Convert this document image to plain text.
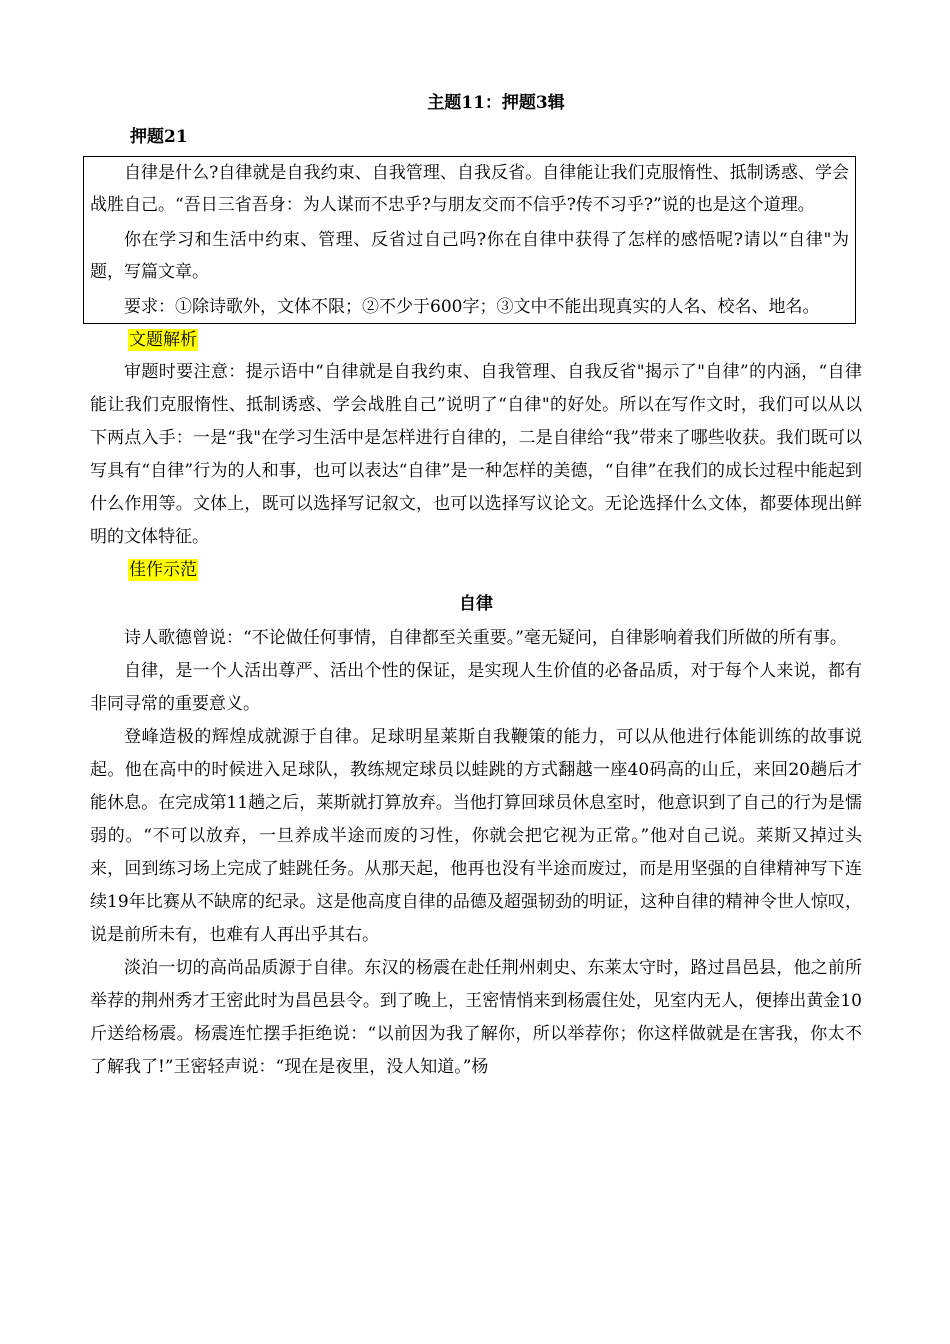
主题11：押题3辑
押题21

自律是什么?自律就是自我约束、自我管理、自我反省。自律能让我们克服惰性、抵制诱惑、学会战胜自己。“吾日三省吾身：为人谋而不忠乎?与朋友交而不信乎?传不习乎?”说的也是这个道理。

你在学习和生活中约束、管理、反省过自己吗?你在自律中获得了怎样的感悟呢?请以“自律"为题，写篇文章。

要求：①除诗歌外，文体不限；②不少于600字；③文中不能出现真实的人名、校名、地名。

文题解析

审题时要注意：提示语中“自律就是自我约束、自我管理、自我反省"揭示了"自律”的内涵，“自律能让我们克服惰性、抵制诱惑、学会战胜自己”说明了“自律"的好处。所以在写作文时，我们可以从以下两点入手：一是“我"在学习生活中是怎样进行自律的，二是自律给“我”带来了哪些收获。我们既可以写具有“自律”行为的人和事，也可以表达“自律”是一种怎样的美德，“自律”在我们的成长过程中能起到什么作用等。文体上，既可以选择写记叙文，也可以选择写议论文。无论选择什么文体，都要体现出鲜明的文体特征。

佳作示范
自律

诗人歌德曾说：“不论做任何事情，自律都至关重要。”毫无疑问，自律影响着我们所做的所有事。

自律，是一个人活出尊严、活出个性的保证，是实现人生价值的必备品质，对于每个人来说，都有非同寻常的重要意义。

登峰造极的辉煌成就源于自律。足球明星莱斯自我鞭策的能力，可以从他进行体能训练的故事说起。他在高中的时候进入足球队，教练规定球员以蛙跳的方式翻越一座40码高的山丘，来回20趟后才能休息。在完成第11趟之后，莱斯就打算放弃。当他打算回球员休息室时，他意识到了自己的行为是懦弱的。“不可以放弃，一旦养成半途而废的习性，你就会把它视为正常。”他对自己说。莱斯又掉过头来，回到练习场上完成了蛙跳任务。从那天起，他再也没有半途而废过，而是用坚强的自律精神写下连续19年比赛从不缺席的纪录。这是他高度自律的品德及超强韧劲的明证，这种自律的精神令世人惊叹，说是前所未有，也难有人再出乎其右。

淡泊一切的高尚品质源于自律。东汉的杨震在赴任荆州刺史、东莱太守时，路过昌邑县，他之前所举荐的荆州秀才王密此时为昌邑县令。到了晚上，王密情悄来到杨震住处，见室内无人，便捧出黄金10斤送给杨震。杨震连忙摆手拒绝说：“以前因为我了解你，所以举荐你；你这样做就是在害我，你太不了解我了!”王密轻声说：“现在是夜里，没人知道。”杨
